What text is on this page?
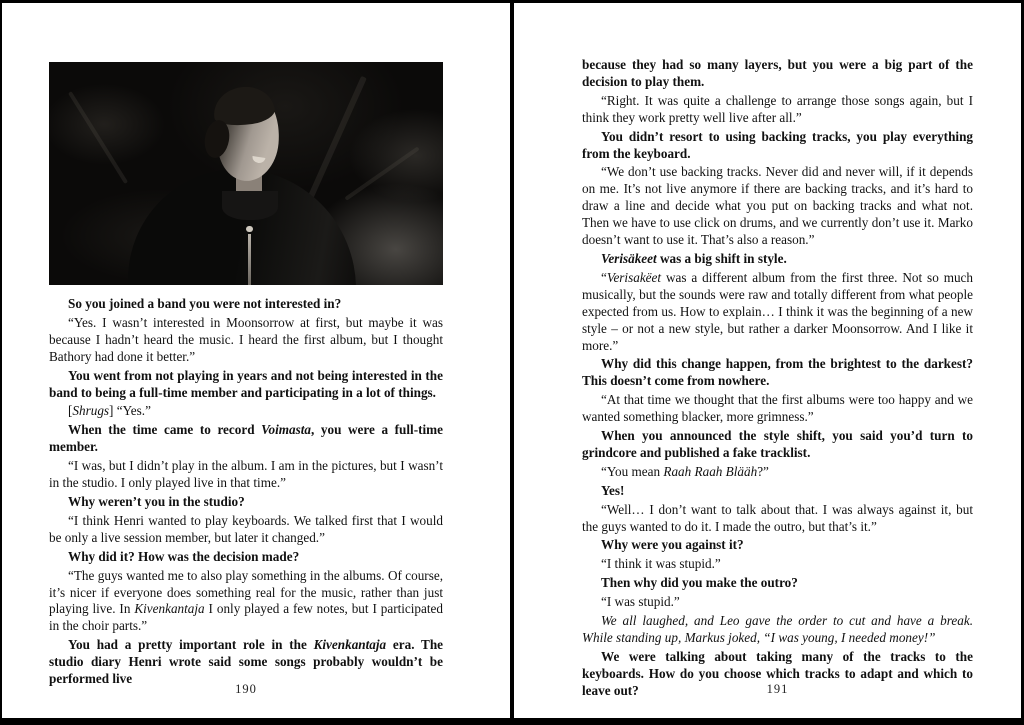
So you joined a band you were not interested in?

“Yes. I wasn’t interested in Moonsorrow at first, but maybe it was because I hadn’t heard the music. I heard the first album, but I thought Bathory had done it better.”

You went from not playing in years and not being interested in the band to being a full-time member and participating in a lot of things.

[Shrugs] “Yes.”

When the time came to record Voimasta, you were a full-time member.

“I was, but I didn’t play in the album. I am in the pictures, but I wasn’t in the studio. I only played live in that time.”

Why weren’t you in the studio?

“I think Henri wanted to play keyboards. We talked first that I would be only a live session member, but later it changed.”

Why did it? How was the decision made?

“The guys wanted me to also play something in the albums. Of course, it’s nicer if everyone does something real for the music, rather than just playing live. In Kivenkantaja I only played a few notes, but I participated in the choir parts.”

You had a pretty important role in the Kivenkantaja era. The studio diary Henri wrote said some songs probably wouldn’t be performed live

190

because they had so many layers, but you were a big part of the decision to play them.

“Right. It was quite a challenge to arrange those songs again, but I think they work pretty well live after all.”

You didn’t resort to using backing tracks, you play everything from the keyboard.

“We don’t use backing tracks. Never did and never will, if it depends on me. It’s not live anymore if there are backing tracks, and it’s hard to draw a line and decide what you put on backing tracks and what not. Then we have to use click on drums, and we currently don’t use it. Marko doesn’t want to use it. That’s also a reason.”

Verisäkeet was a big shift in style.

“Verisakëet was a different album from the first three. Not so much musically, but the sounds were raw and totally different from what people expected from us. How to explain… I think it was the beginning of a new style – or not a new style, but rather a darker Moonsorrow. And I like it more.”

Why did this change happen, from the brightest to the darkest? This doesn’t come from nowhere.

“At that time we thought that the first albums were too happy and we wanted something blacker, more grimness.”

When you announced the style shift, you said you’d turn to grindcore and published a fake tracklist.

“You mean Raah Raah Blääh?”

Yes!

“Well… I don’t want to talk about that. I was always against it, but the guys wanted to do it. I made the outro, but that’s it.”

Why were you against it?

“I think it was stupid.”

Then why did you make the outro?

“I was stupid.”

We all laughed, and Leo gave the order to cut and have a break. While standing up, Markus joked, “I was young, I needed money!”

We were talking about taking many of the tracks to the keyboards. How do you choose which tracks to adapt and which to leave out?	191
